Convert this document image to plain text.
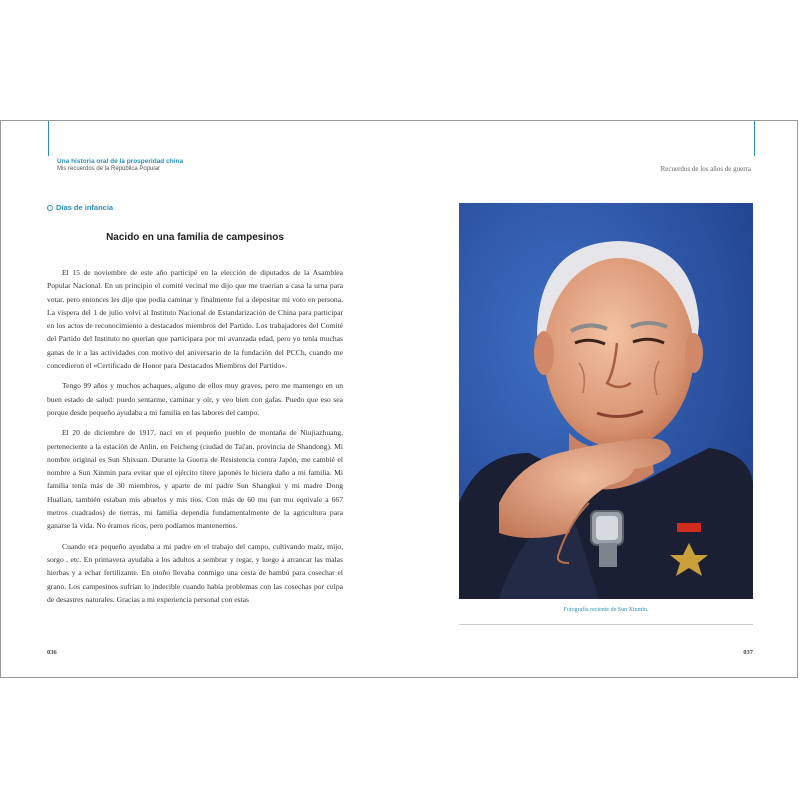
Una historia oral de la prosperidad china
Mis recuerdos de la República Popular
Días de infancia
Nacido en una familia de campesinos

El 15 de noviembre de este año participé en la elección de diputados de la Asamblea Popular Nacional. En un principio el comité vecinal me dijo que me traerían a casa la urna para votar, pero entonces les dije que podía caminar y finalmente fui a depositar mi voto en persona. La víspera del 1 de julio volví al Instituto Nacional de Estandarización de China para participar en los actos de reconocimiento a destacados miembros del Partido. Los trabajadores del Comité del Partido del Instituto no querían que participara por mi avanzada edad, pero yo tenía muchas ganas de ir a las actividades con motivo del aniversario de la fundación del PCCh, cuando me concedieron el «Certificado de Honor para Destacados Miembros del Partido».

Tengo 99 años y muchos achaques, alguno de ellos muy graves, pero me mantengo en un buen estado de salud: puedo sentarme, caminar y oír, y veo bien con gafas. Puedo que eso sea porque desde pequeño ayudaba a mi familia en las labores del campo.

El 20 de diciembre de 1917, nací en el pequeño pueblo de montaña de Niujiazhuang, perteneciente a la estación de Anlin, en Feicheng (ciudad de Tai'an, provincia de Shandong). Mi nombre original es Sun Shixuan. Durante la Guerra de Resistencia contra Japón, me cambié el nombre a Sun Xinmin para evitar que el ejército títere japonés le hiciera daño a mi familia. Mi familia tenía más de 30 miembros, y aparte de mi padre Sun Shangkui y mi madre Dong Hualian, también estaban mis abuelos y mis tíos. Con más de 60 mu (un mu equivale a 667 metros cuadrados) de tierras, mi familia dependía fundamentalmente de la agricultura para ganarse la vida. No éramos ricos, pero podíamos mantenernos.

Cuando era pequeño ayudaba a mi padre en el trabajo del campo, cultivando maíz, mijo, sorgo , etc. En primavera ayudaba a los adultos a sembrar y regar, y luego a arrancar las malas hierbas y a echar fertilizante. En otoño llevaba conmigo una cesta de bambú para cosechar el grano. Los campesinos sufrían lo indecible cuando había problemas con las cosechas por culpa de desastres naturales. Gracias a mi experiencia personal con estas

036
Recuerdos de los años de guerra
Fotografía reciente de Sun Xinmin.
037
